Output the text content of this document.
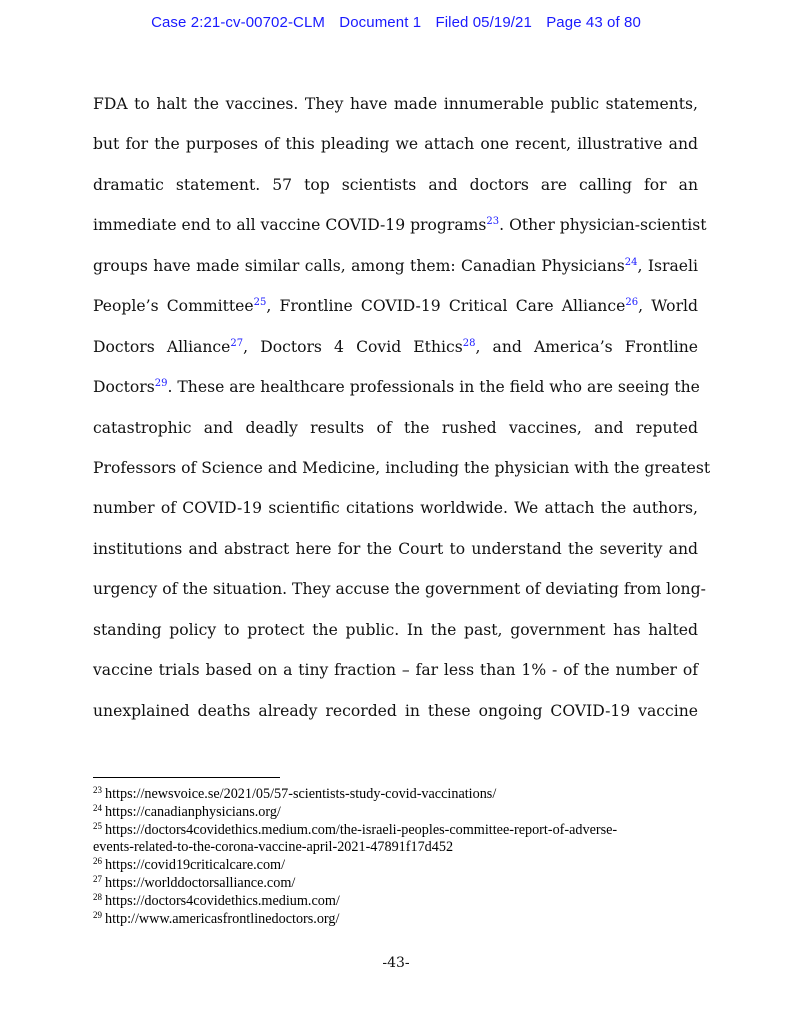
Case 2:21-cv-00702-CLM Document 1 Filed 05/19/21 Page 43 of 80
FDA to halt the vaccines. They have made innumerable public statements,
but for the purposes of this pleading we attach one recent, illustrative and
dramatic statement. 57 top scientists and doctors are calling for an
immediate end to all vaccine COVID-19 programs$^{23}$. Other physician-scientist
groups have made similar calls, among them: Canadian Physicians$^{24}$, Israeli
People’s Committee$^{25}$, Frontline COVID-19 Critical Care Alliance$^{26}$, World
Doctors Alliance$^{27}$, Doctors 4 Covid Ethics$^{28}$, and America’s Frontline
Doctors$^{29}$. These are healthcare professionals in the field who are seeing the
catastrophic and deadly results of the rushed vaccines, and reputed
Professors of Science and Medicine, including the physician with the greatest
number of COVID-19 scientific citations worldwide. We attach the authors,
institutions and abstract here for the Court to understand the severity and
urgency of the situation. They accuse the government of deviating from long-
standing policy to protect the public. In the past, government has halted
vaccine trials based on a tiny fraction – far less than 1% - of the number of
unexplained deaths already recorded in these ongoing COVID-19 vaccine
$^{23}$ https://newsvoice.se/2021/05/57-scientists-study-covid-vaccinations/
$^{24}$ https://canadianphysicians.org/
$^{25}$ https://doctors4covidethics.medium.com/the-israeli-peoples-committee-report-of-adverse-
events-related-to-the-corona-vaccine-april-2021-47891f17d452
$^{26}$ https://covid19criticalcare.com/
$^{27}$ https://worlddoctorsalliance.com/
$^{28}$ https://doctors4covidethics.medium.com/
$^{29}$ http://www.americasfrontlinedoctors.org/
-43-
